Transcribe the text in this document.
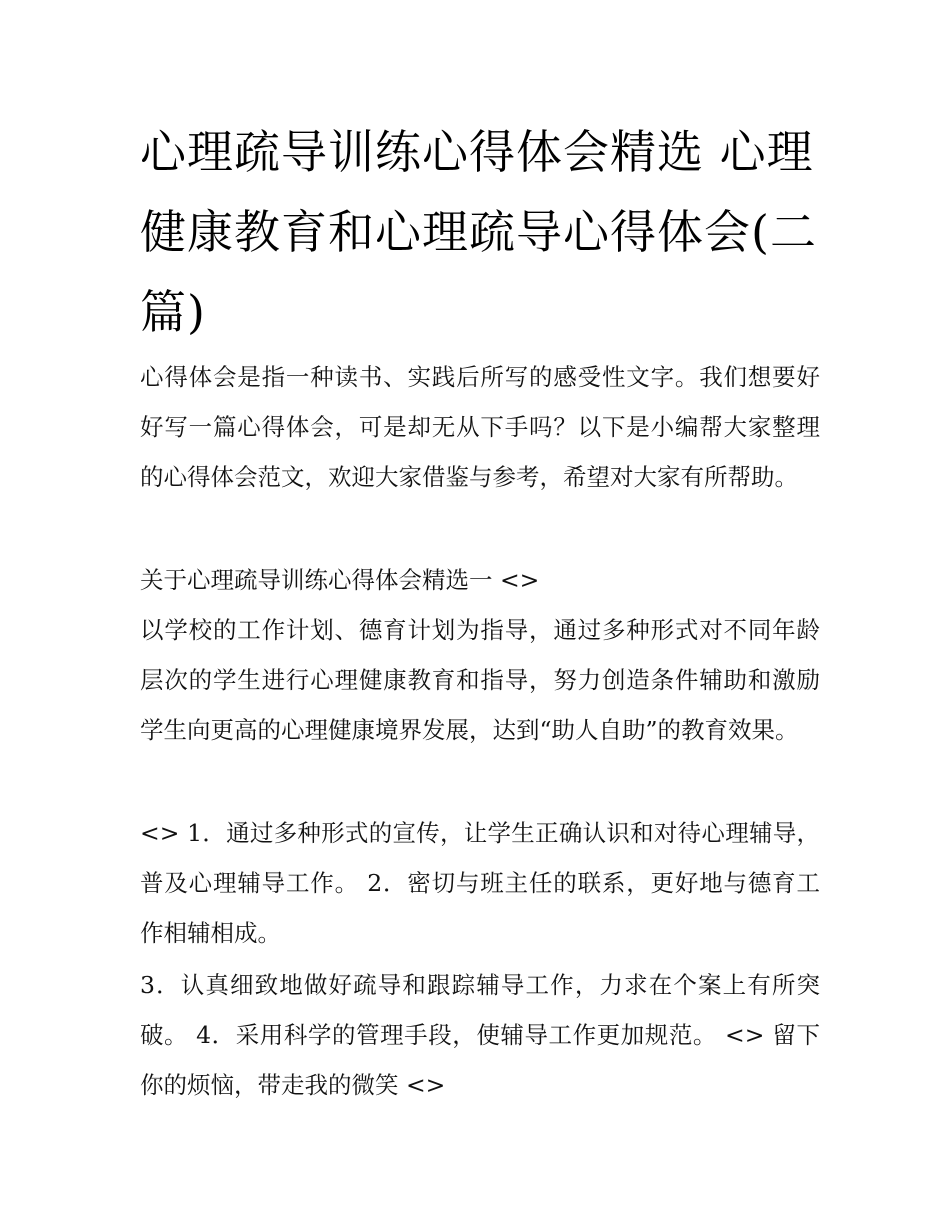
心理疏导训练心得体会精选 心理健康教育和心理疏导心得体会(二篇)

心得体会是指一种读书、实践后所写的感受性文字。我们想要好好写一篇心得体会，可是却无从下手吗？以下是小编帮大家整理的心得体会范文，欢迎大家借鉴与参考，希望对大家有所帮助。

关于心理疏导训练心得体会精选一 <>

以学校的工作计划、德育计划为指导，通过多种形式对不同年龄层次的学生进行心理健康教育和指导，努力创造条件辅助和激励学生向更高的心理健康境界发展，达到“助人自助”的教育效果。

<> 1．通过多种形式的宣传，让学生正确认识和对待心理辅导，普及心理辅导工作。 2．密切与班主任的联系，更好地与德育工作相辅相成。

3．认真细致地做好疏导和跟踪辅导工作，力求在个案上有所突破。 4．采用科学的管理手段，使辅导工作更加规范。 <> 留下你的烦恼，带走我的微笑 <>
